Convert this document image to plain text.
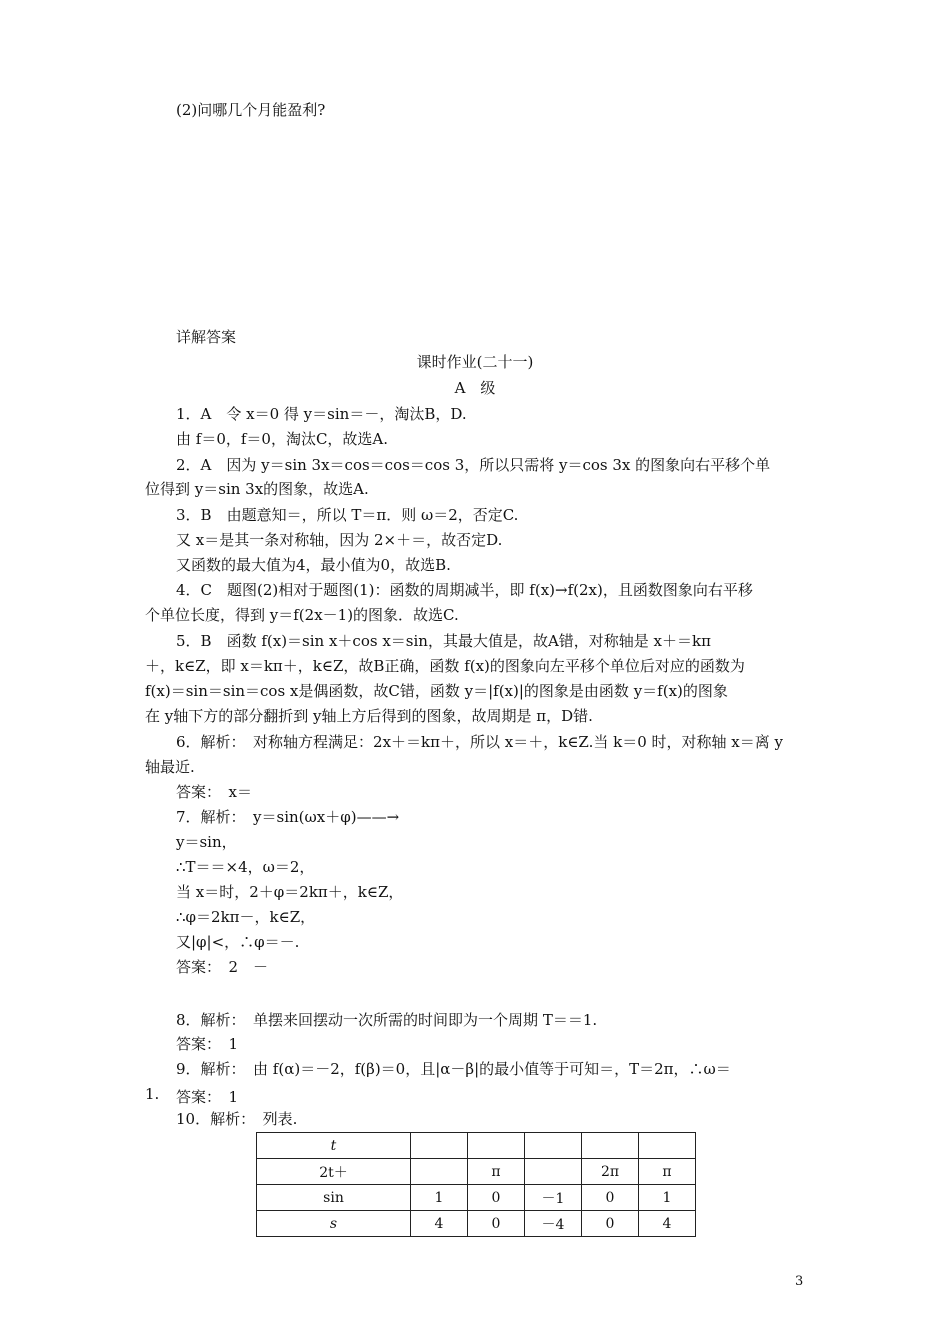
(2)问哪几个月能盈利?
详解答案
课时作业(二十一)
A　级
1．A　令 x＝0 得 y＝sin＝－，淘汰B，D.
由 f＝0，f＝0，淘汰C，故选A.
2．A　因为 y＝sin 3x＝cos＝cos＝cos 3，所以只需将 y＝cos 3x 的图象向右平移个单
位得到 y＝sin 3x的图象，故选A.
3．B　由题意知＝，所以 T＝π．则 ω＝2，否定C.
又 x＝是其一条对称轴，因为 2×＋＝，故否定D.
又函数的最大值为4，最小值为0，故选B.
4．C　题图(2)相对于题图(1)：函数的周期减半，即 f(x)→f(2x)，且函数图象向右平移
个单位长度，得到 y＝f(2x－1)的图象．故选C.
5．B　函数 f(x)＝sin x＋cos x＝sin，其最大值是，故A错，对称轴是 x＋＝kπ
＋，k∈Z，即 x＝kπ＋，k∈Z，故B正确，函数 f(x)的图象向左平移个单位后对应的函数为
f(x)＝sin＝sin＝cos x是偶函数，故C错，函数 y＝|f(x)|的图象是由函数 y＝f(x)的图象
在 y轴下方的部分翻折到 y轴上方后得到的图象，故周期是 π，D错.
6．解析：　对称轴方程满足：2x＋＝kπ＋，所以 x＝＋，k∈Z.当 k＝0 时，对称轴 x＝离 y
轴最近.
答案：　x＝
7．解析：　y＝sin(ωx＋φ)——→
y＝sin，
∴T＝＝×4，ω＝2，
当 x＝时，2＋φ＝2kπ＋，k∈Z，
∴φ＝2kπ－，k∈Z，
又|φ|<，∴φ＝－.
答案：　2　－
8．解析：　单摆来回摆动一次所需的时间即为一个周期 T＝＝1.
答案：　1
9．解析：　由 f(α)＝－2，f(β)＝0，且|α－β|的最小值等于可知＝，T＝2π，∴ω＝
1. 答案：　1
10．解析：　列表.
t					
2t＋		π		2π	π
sin	1	0	－1	0	1
s	4	0	－4	0	4
3
